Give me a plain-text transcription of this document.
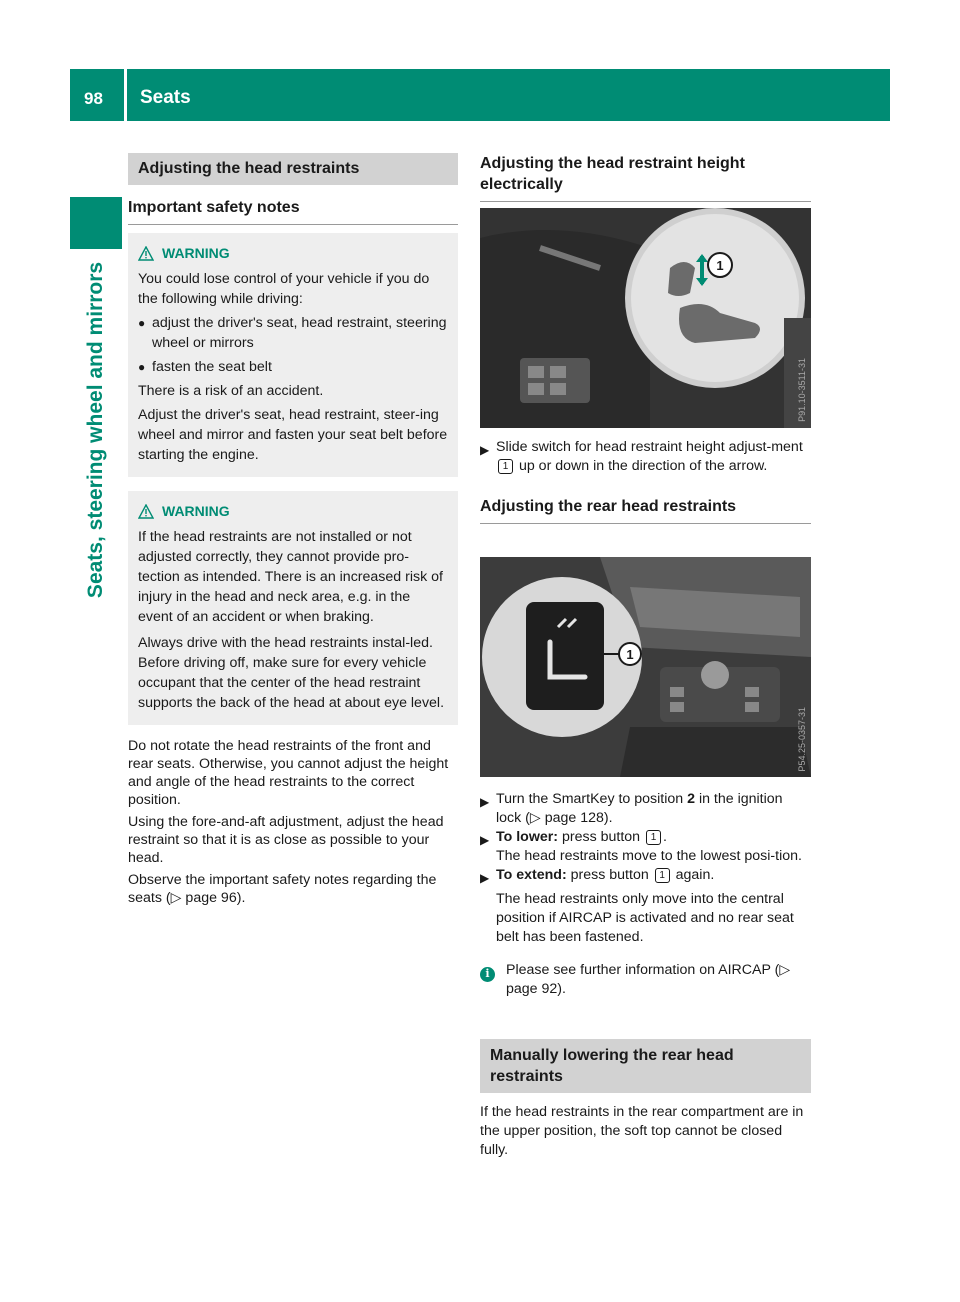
98 Seats
Seats, steering wheel and mirrors
Adjusting the head restraints
Important safety notes
WARNING

You could lose control of your vehicle if you do the following while driving:

● adjust the driver's seat, head restraint, steering wheel or mirrors
● fasten the seat belt

There is a risk of an accident.

Adjust the driver's seat, head restraint, steer-ing wheel and mirror and fasten your seat belt before starting the engine.

WARNING

If the head restraints are not installed or not adjusted correctly, they cannot provide pro-tection as intended. There is an increased risk of injury in the head and neck area, e.g. in the event of an accident or when braking.

Always drive with the head restraints instal-led. Before driving off, make sure for every vehicle occupant that the center of the head restraint supports the back of the head at about eye level.

Do not rotate the head restraints of the front and rear seats. Otherwise, you cannot adjust the height and angle of the head restraints to the correct position.

Using the fore-and-aft adjustment, adjust the head restraint so that it is as close as possible to your head.

Observe the important safety notes regarding the seats (▷ page 96).

Adjusting the head restraint height electrically
1
P91.10-3511-31
▶ Slide switch for head restraint height adjust-ment 1 up or down in the direction of the arrow.

Adjusting the rear head restraints
1
P54.25-0357-31
▶ Turn the SmartKey to position 2 in the ignition lock (▷ page 128).

▶ To lower: press button 1 .
The head restraints move to the lowest posi-tion.

▶ To extend: press button 1 again.

The head restraints only move into the central position if AIRCAP is activated and no rear seat belt has been fastened.

i	Please see further information on AIRCAP (▷ page 92).

Manually lowering the rear head restraints

If the head restraints in the rear compartment are in the upper position, the soft top cannot be closed fully.
